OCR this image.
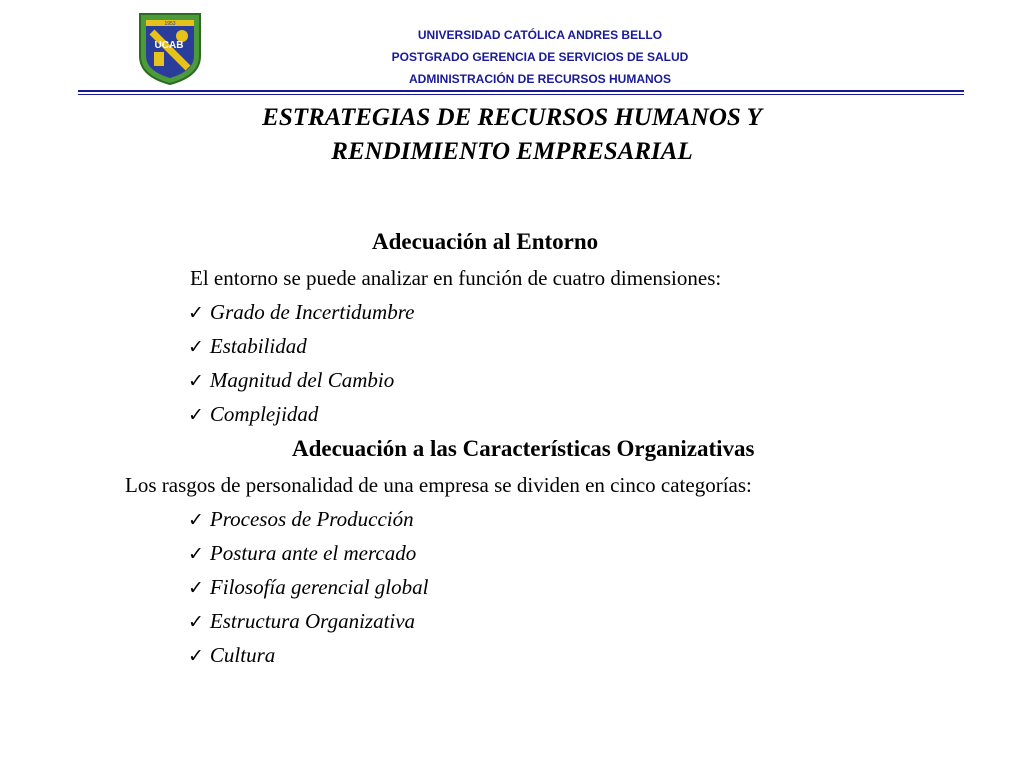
UCAB
1953
UNIVERSIDAD CATÓLICA ANDRES BELLO
POSTGRADO GERENCIA DE SERVICIOS DE SALUD
ADMINISTRACIÓN DE RECURSOS HUMANOS
ESTRATEGIAS DE RECURSOS HUMANOS Y
RENDIMIENTO EMPRESARIAL
Adecuación al Entorno
El entorno se puede analizar en función de cuatro dimensiones:
✓ Grado de Incertidumbre
✓ Estabilidad
✓ Magnitud del Cambio
✓ Complejidad
Adecuación a las Características Organizativas
Los rasgos de personalidad de una empresa se dividen en cinco categorías:
✓ Procesos de Producción
✓ Postura ante el mercado
✓ Filosofía gerencial global
✓ Estructura Organizativa
✓ Cultura
